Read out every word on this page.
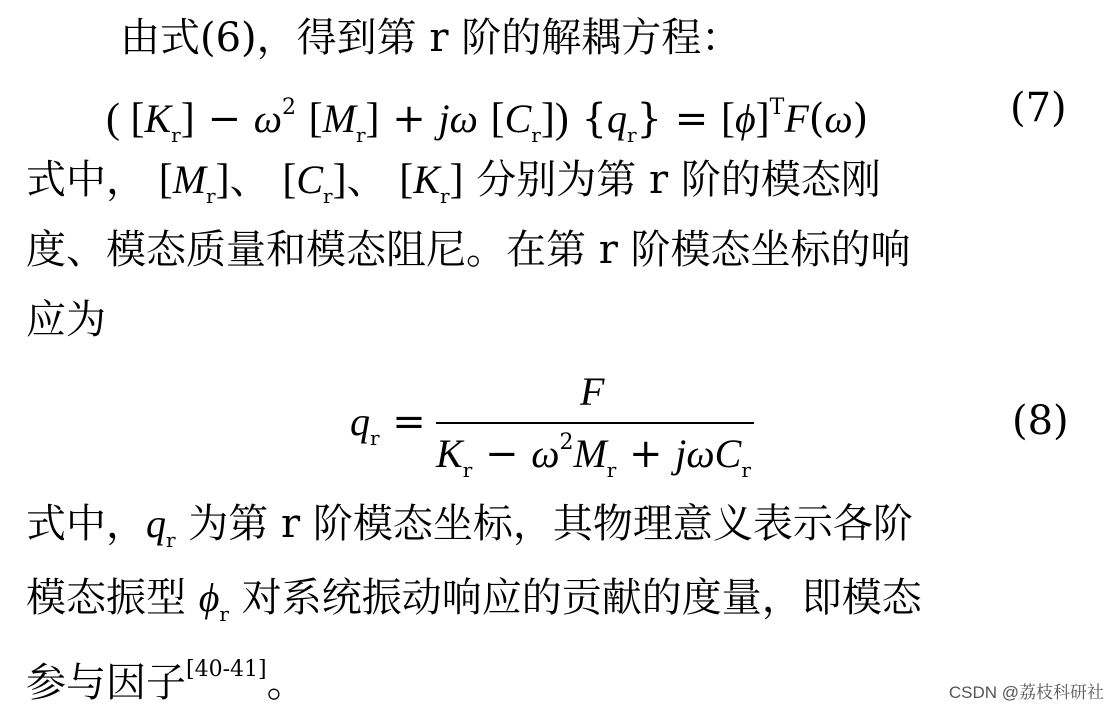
由式(6)，得到第 r 阶的解耦方程：
( $[K_r] - \omega^2$ $[M_r] + j\omega$ $[C_r]$) $\{q_r\} = [\phi]^TF(\omega)$	(7)
式中， $[M_r]$、 $[C_r]$、 $[K_r]$ 分别为第 r 阶的模态刚
度、模态质量和模态阻尼。在第 r 阶模态坐标的响
应为
$q_r$ =
F
$K_r - \omega^2M_r + j\omega C_r$
(8)
式中，$q_r$ 为第 r 阶模态坐标，其物理意义表示各阶
模态振型 $\phi_r$ 对系统振动响应的贡献的度量，即模态
参与因子[40-41]。	CSDN @荔枝科研社
